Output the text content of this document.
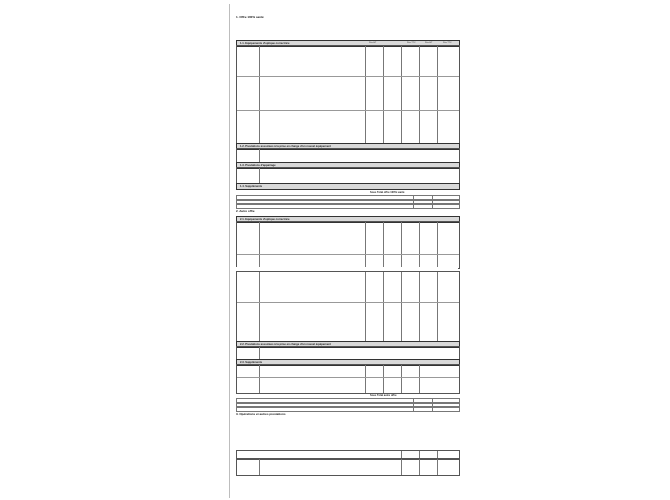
1. Offre 100% santé
1.1. Equipements d'optique correctrice	Prix HT	Prix TTC	Prix HT	Prix TTC
1.2. Prestations associées à la prise en charge d'un nouvel équipement
1.3. Prestations d'appairage
1.4. Suppléments
Sous Total offre 100% santé
2. Autre offre
2.1. Equipements d'optique correctrice
2.2. Prestations associées à la prise en charge d'un nouvel équipement
2.3. Suppléments
Sous Total autre offre
3. Opérations et autres prestations
